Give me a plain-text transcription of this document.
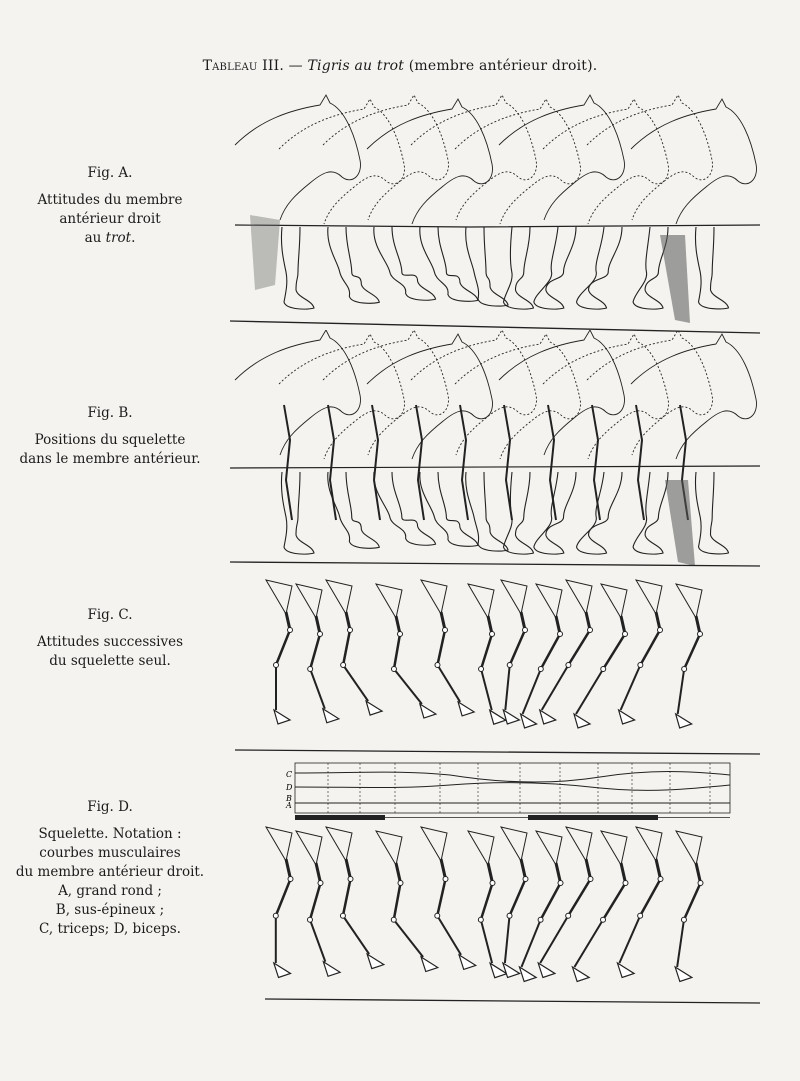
Tableau III. — Tigris au trot (membre antérieur droit).
Fig. A.
Attitudes du membre
antérieur droit
au trot.
Fig. B.
Positions du squelette
dans le membre antérieur.
Fig. C.
Attitudes successives
du squelette seul.
Fig. D.
Squelette. Notation :
courbes musculaires
du membre antérieur droit.
A, grand rond ;
B, sus-épineux ;
C, triceps; D, biceps.
C
D
B
A
